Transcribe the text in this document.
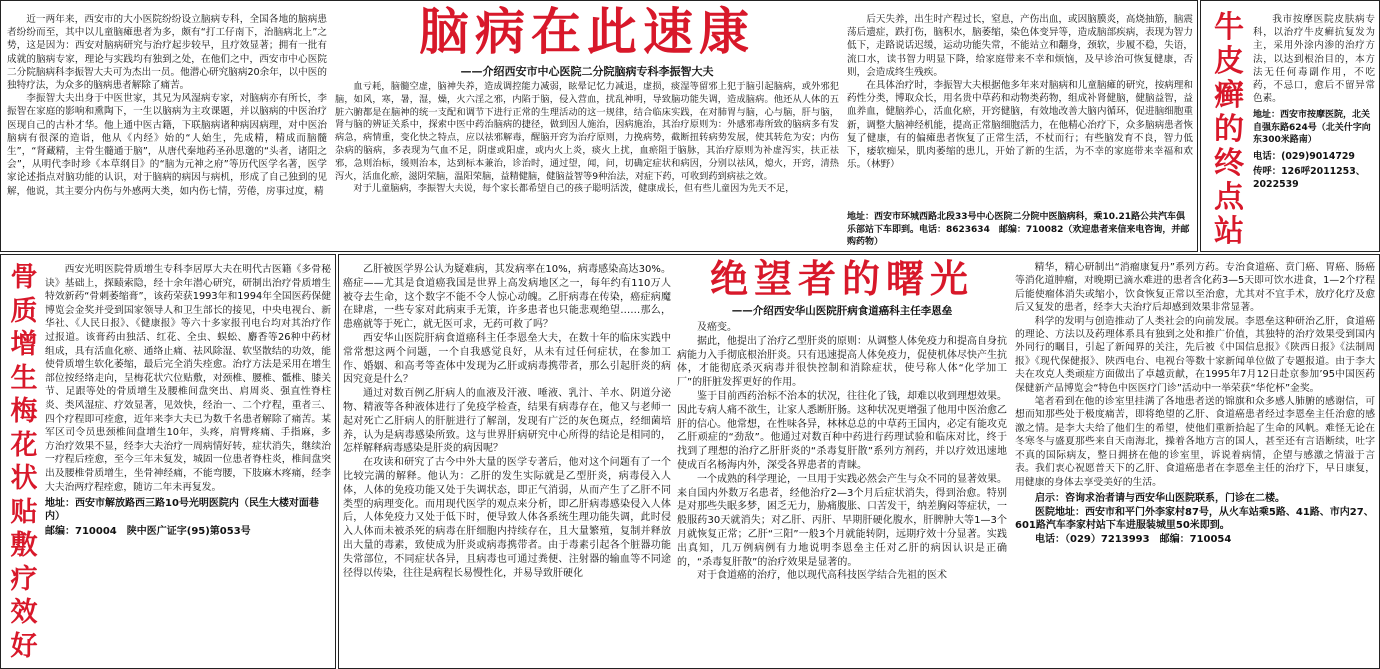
近一两年来，西安市的大小医院纷纷设立脑病专科，全国各地的脑病患者纷纷而至，其中以儿童脑瘫患者为多，颇有“打工仔南下，治脑病北上”之势，这是因为：西安对脑病研究与治疗起步较早，且疗效显著；拥有一批有成就的脑病专家，理论与实践均有独到之处，在他们之中，西安市中心医院二分院脑病科李振智大夫可为杰出一员。他潜心研究脑病20余年，以中医的独特疗法，为众多的脑病患者解除了痛苦。

李振智大夫出身于中医世家，其兄为风湿病专家，对脑病亦有所长，李振智在家庭的影响和熏陶下，一生以脑病为主攻课题，并以脑病的中医治疗医现自己的古朴才华。他上通中医古籍，下联脑病诸种病因病理，对中医治脑病有很深的造诣，他从《内经》始的“人始生，先成精，精成而脑髓生”，“肾藏精，主骨生髓通于脑”，从唐代秦地药圣孙思邈的“头者，诸阳之会”，从明代李时珍《本草纲目》的“脑为元神之府”等历代医学名著，医学家论述指点对脑功能的认识，对于脑病的病因与病机，形成了自己独到的见解，他说，其主要分内伤与外感两大类，如内伤七情，劳倦，房事过度，精

脑病在此速康
——介绍西安市中心医院二分院脑病专科李振智大夫

血亏耗，脑髓空虚，脑神失养，造成调控能力减弱，眩晕记忆力减退，虚损，痰湿等留邪上犯于脑引起脑病，或外邪犯脑，如风，寒，暑，湿，燥，火六淫之邪，内陷于脑，侵入营血，扰乱神明，导致脑功能失调，造成脑病。他还从人体的五脏六腑都是在脑神的统一支配和调节下进行正常的生理活动的这一规律，结合临床实践，在对肺胃与脑，心与脑，肝与脑，肾与脑的辨证关系中，探索中医中药治脑病的捷径，做到因人施治，因病施治，其治疗原则为：外感邪毒所致的脑病多有发病急，病情重，变化快之特点，应以祛邪解毒，醒脑开窍为治疗原则，力挽病势，截断扭转病势发展，使其转危为安；内伤杂病的脑病，多表现为气血不足，阴虚或阳虚，或内火上炎，痰火上扰，血瘀阻于脑脉，其治疗原则为补虚泻实，扶正祛邪，急则治标，缓则治本，达到标本兼治，诊治时，通过望，闻，问，切确定症状和病因，分别以祛风，熄火，开窍，清热泻火，活血化瘀，滋阴荣脑，温阳荣脑，益精健脑，健脑益智等9种治法，对症下药，可收到药到病祛之效。

对于儿童脑病，李振智大夫说，每个家长都希望自己的孩子聪明活泼，健康成长，但有些儿童因为先天不足，

后天失养，出生时产程过长，窒息，产伤出血，或因脑膜炎，高烧抽筋，脑震荡后遗症，跌打伤，脑积水，脑萎缩，染色体变异等，造成脑部疾病，表现为智力低下，走路说话迟缓，运动功能失常，不能站立和翻身，颈软，步履不稳，失语，流口水，读书智力明显下降，给家庭带来不幸和烦恼，及早诊治可恢复健康，否则，会造成终生残疾。

在具体治疗时，李振智大夫根据他多年来对脑病和儿童脑瘫的研究，按病理和药性分类，博取众长，用名贵中草药和动物类药物，组成补肾健脑，健脑益智，益血养血，健脑养心，活血化瘀，开窍健脑，有效地改善大脑内循环，促进脑细胞重新，调整大脑神经机能，提高正常脑细胞活力，在他精心治疗下，众多脑病患者恢复了健康，有的偏瘫患者恢复了正常生活，不杖而行；有些脑发育不良，智力低下，痿软痴呆，肌肉萎缩的患儿，开始了新的生活，为不幸的家庭带来幸福和欢乐。（林野）

地址：西安市环城西路北段33号中心医院二分院中医脑病科，乘10.21路公共汽车俱乐部站下车即到。电话：8623634　邮编：710082（欢迎患者来信来电咨询，并邮购药物）
牛
皮
癣
的
终
点
站

我市按摩医院皮肤病专科，以治疗牛皮癣抗复发为主，采用外涂内渗的治疗方法，以达到根治目的，本方法无任何毒副作用，不吃药，不忌口，愈后不留异常色素。

地址：西安市按摩医院，北关自强东路624号（北关什字向东300米路南）
电话：(029)9014729
传呼：126呼2011253、2022539
骨
质
增
生
梅
花
状
贴
敷
疗
效
好

西安光明医院骨质增生专科李居厚大夫在明代古医籍《多骨秘诀》基础上，探赜索隐，经十余年潜心研究，研制出治疗骨质增生特效新药“骨刺萎缩膏”，该药荣获1993年和1994年全国医药保健博览会金奖并受到国家领导人和卫生部长的接见，中央电视台、新华社、《人民日报》、《健康报》等六十多家报刊电台均对其治疗作过报道。该膏药由独活、红花、全虫、蜈蚣、麝香等26种中药材组成，具有活血化瘀、通络止痛、祛风除湿、软坚散结的功效，能使骨质增生软化萎缩，最后完全消失痊愈。治疗方法是采用在增生部位按经络走向，呈梅花状穴位贴敷，对颈椎、腰椎、骶椎、膝关节、足跟等处的骨质增生及腰椎间盘突出、肩周炎、强直性脊柱炎、类风湿症、疗效显著，见效快，经治一、二个疗程，重者三、四个疗程即可痊愈，近年来李大夫已为数千名患者解除了痛苦。某军区司令员患颈椎间盘增生10年，头疼，肩臂疼痛、手指麻，多方治疗效果不显，经李大夫治疗一周病情好转，症状消失，继续治一疗程后痊愈，至今三年未复发，城固一位患者脊柱炎，椎间盘突出及腰椎骨质增生，坐骨神经痛，不能弯腰，下肢麻木疼痛，经李大夫治两疗程痊愈，随访二年未再复发。

地址：西安市解放路西三路10号光明医院内（民生大楼对面巷内）
邮编：710004　陕中医广证字(95)第053号

乙肝被医学界公认为疑难病，其发病率在10%，病毒感染高达30%。癌症——尤其是食道癌我国是世界上高发病地区之一，每年约有110万人被夺去生命，这个数字不能不令人惊心动魄。乙肝病毒在传染，癌症病魔在肆虐，一些专家对此病束手无策，许多患者也只能悲观绝望……那么，患癌就等于死亡，就无医可求，无药可救了吗？

西安华山医院肝病食道癌科主任李恩垒大夫，在数十年的临床实践中常常想这两个问题，一个自我感觉良好，从未有过任何症状，在参加工作、婚姻、和高考等查体中发现为乙肝或病毒携带者，那么引起肝炎的病因究竟是什么？

通过对数百例乙肝病人的血液及汗液、唾液、乳汁、羊水、阴道分泌物、精液等各种液体进行了免疫学检查，结果有病毒存在，他又与老师一起对死亡乙肝病人的肝脏进行了解剖，发现有广泛的灰色斑点，经细菌培养，认为是病毒感染所致。这与世界肝病研究中心所得的结论是相同的，怎样解释病毒感染是肝炎的病因呢？

在攻读和研究了古今中外大量的医学专著后，他对这个问题有了一个比较完满的解释。他认为：乙肝的发生实际就是乙型肝炎，病毒侵入人体，人体的免疫功能又处于失调状态，即正气消弱，从而产生了乙肝不同类型的病理变化。而用现代医学的观点来分析，即乙肝病毒感染侵入人体后，人体免疫力又处于低下时，便导致人体各系统生理功能失调，此时侵入人体而未被杀死的病毒在肝细胞内持续存在，且大量繁殖，复制并释放出大量的毒素，致使成为肝炎或病毒携带者。由于毒素引起各个脏器功能失常部位，不同症状各异，且病毒也可通过粪便、注射器的输血等不同途径得以传染，往往是病程长易慢性化，并易导致肝硬化

绝望者的曙光
——介绍西安华山医院肝病食道癌科主任李恩垒

及癌变。

据此，他提出了治疗乙型肝炎的原则：从调整人体免疫力和提高自身抗病能力入手彻底根治肝炎。只有迅速提高人体免疫力，促使机体尽快产生抗体，才能彻底杀灭病毒并很快控制和消除症状，使号称人体“化学加工厂”的肝脏发挥更好的作用。

鉴于目前西药治标不治本的状况，往往化了钱，却难以收到理想效果。因此专病人痛不欲生，让家人悉断肝肠。这种状况更增强了他用中医治愈乙肝的信心。他常想，在性味各异，林林总总的中草药王国内，必定有能攻克乙肝顽症的“劲敌”。他通过对数百种中药进行药理试验和临床对比，终于找到了理想的治疗乙肝肝炎的“杀毒复肝散”系列方剂药，并以疗效迅速地使成百名杨海内外，深受各界患者的青睐。

一个成熟的科学理论，一旦用于实践必然会产生与众不同的显著效果。来自国内外数万名患者，经他治疗2—3个月后症状消失，得到治愈。特别是对那些失眠多梦，困乏无力，胁痛腹胀、口苦发干，纳差胸闷等症状，一般服药30天就消失；对乙肝、丙肝、早期肝硬化腹水，肝脾肿大等1—3个月就恢复正常；乙肝“三阳”一般3个月就能转阴，远期疗效十分显著。实践出真知，几万例病例有力地说明李恩垒主任对乙肝的病因认识是正确的，“杀毒复肝散”的治疗效果是显著的。

对于食道癌的治疗，他以现代高科技医学结合先祖的医术

精华，精心研制出“消瘤康复丹”系列方药。专治食道癌、贲门癌、胃癌、肠癌等消化道肿瘤，对晚期已滴水难进的患者含化药3—5天即可饮水进食，1—2个疗程后能使瘤体消失或缩小，饮食恢复正常以至治愈，尤其对不宜手术，放疗化疗及愈后又复发的患者，经李大夫治疗后却感到效果非常显著。

科学的发明与创造推动了人类社会的向前发展。李恩垒这种研治乙肝，食道癌的理论、方法以及药理体系具有独到之处和推广价值，其独特的治疗效果受到国内外同行的瞩目，引起了新闻界的关注，先后被《中国信息报》《陕西日报》《法制周报》《现代保健报》、陕西电台、电视台等数十家新闻单位做了专题报道。由于李大夫在攻克人类顽症方面做出了卓越贡献，在1995年7月12日赴京参加’95中国医药保健新产品博览会“特色中医医疗门诊”活动中一举荣获“华佗杯”金奖。

笔者看到在他的诊室里挂满了各地患者送的锦旗和众多感人肺腑的感谢信，可想而知那些处于极度痛苦，即将绝望的乙肝、食道癌患者经过李恩垒主任治愈的感激之情。是李大夫给了他们生的希望，使他们重新拾起了生命的风帆。难怪无论在冬寒冬与盛夏那些来自天南海北，操着各地方言的国人，甚至还有言语断续，吐字不真的国际病友，整日拥挤在他的诊室里，诉说着病情，企望与感激之情溢于言表。我们衷心祝愿普天下的乙肝、食道癌患者在李恩垒主任的治疗下，早日康复，用健康的身体去享受美好的生活。

启示：咨询求治者请与西安华山医院联系，门诊在二楼。
医院地址：西安市和平门外李家村87号，从火车站乘5路、41路、市内27、601路汽车李家村站下车进服装城里50米即到。
电话：（029）7213993　邮编：710054
